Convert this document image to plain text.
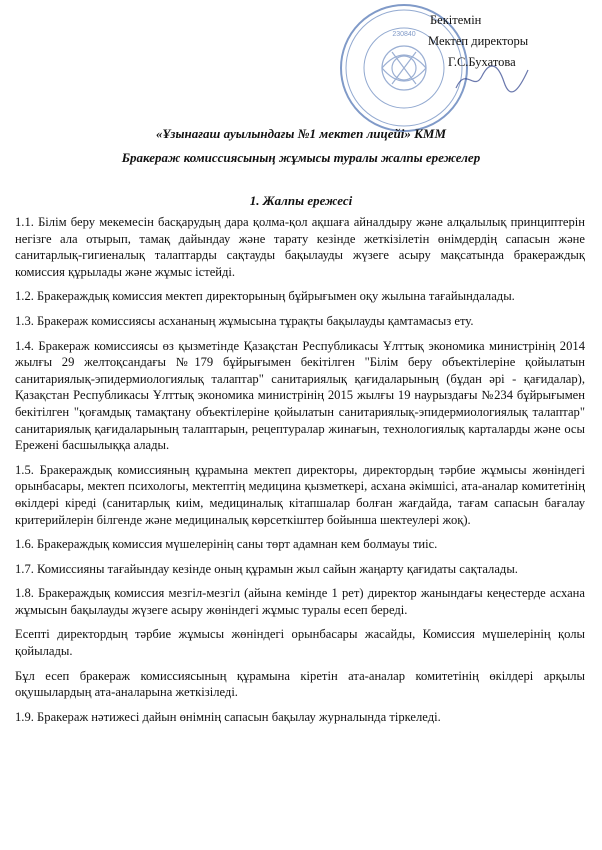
230840
Бекітемін
Мектеп директоры
Г.С.Бухатова
«Ұзынағаш ауылындағы №1 мектеп лицейі» КММ
Бракераж комиссиясының жұмысы туралы жалпы ережелер
1. Жалпы ережесі

1.1. Білім беру мекемесін басқарудың дара қолма-қол ақшаға айналдыру және алқалылық принциптерін негізге ала отырып, тамақ дайындау және тарату кезінде жеткізілетін өнімдердің сапасын және санитарлық-гигиеналық талаптарды сақтауды бақылауды жүзеге асыру мақсатында бракераждық комиссия құрылады және жұмыс істейді.

1.2. Бракераждық комиссия мектеп директорының бұйрығымен оқу жылына тағайындалады.

1.3. Бракераж комиссиясы асхананың жұмысына тұрақты бақылауды қамтамасыз ету.

1.4. Бракераж комиссиясы өз қызметінде Қазақстан Республикасы Ұлттық экономика министрінің 2014 жылғы 29 желтоқсандағы №179 бұйрығымен бекітілген "Білім беру объектілеріне қойылатын санитариялық-эпидермиологиялық талаптар" санитариялық қағидаларының (бұдан әрі - қағидалар), Қазақстан Республикасы Ұлттық экономика министрінің 2015 жылғы 19 наурыздағы №234 бұйрығымен бекітілген "қоғамдық тамақтану объектілеріне қойылатын санитариялық-эпидермиологиялық талаптар" санитариялық қағидаларының талаптарын, рецептуралар жинағын, технологиялық карталарды және осы Ережені басшылыққа алады.

1.5. Бракераждық комиссияның құрамына мектеп директоры, директордың тәрбие жұмысы жөніндегі орынбасары, мектеп психологы, мектептің медицина қызметкері, асхана әкімшісі, ата-аналар комитетінің өкілдері кіреді (санитарлық киім, медициналық кітапшалар болған жағдайда, тағам сапасын бағалау критерийлерін білгенде және медициналық көрсеткіштер бойынша шектеулері жоқ).

1.6. Бракераждық комиссия мүшелерінің саны төрт адамнан кем болмауы тиіс.

1.7. Комиссияны тағайындау кезінде оның құрамын жыл сайын жаңарту қағидаты сақталады.

1.8. Бракераждық комиссия мезгіл-мезгіл (айына кемінде 1 рет) директор жанындағы кеңестерде асхана жұмысын бақылауды жүзеге асыру жөніндегі жұмыс туралы есеп береді.

Есепті директордың тәрбие жұмысы жөніндегі орынбасары жасайды, Комиссия мүшелерінің қолы қойылады.

Бұл есеп бракераж комиссиясының құрамына кіретін ата-аналар комитетінің өкілдері арқылы оқушылардың ата-аналарына жеткізіледі.

1.9. Бракераж нәтижесі дайын өнімнің сапасын бақылау журналында тіркеледі.
